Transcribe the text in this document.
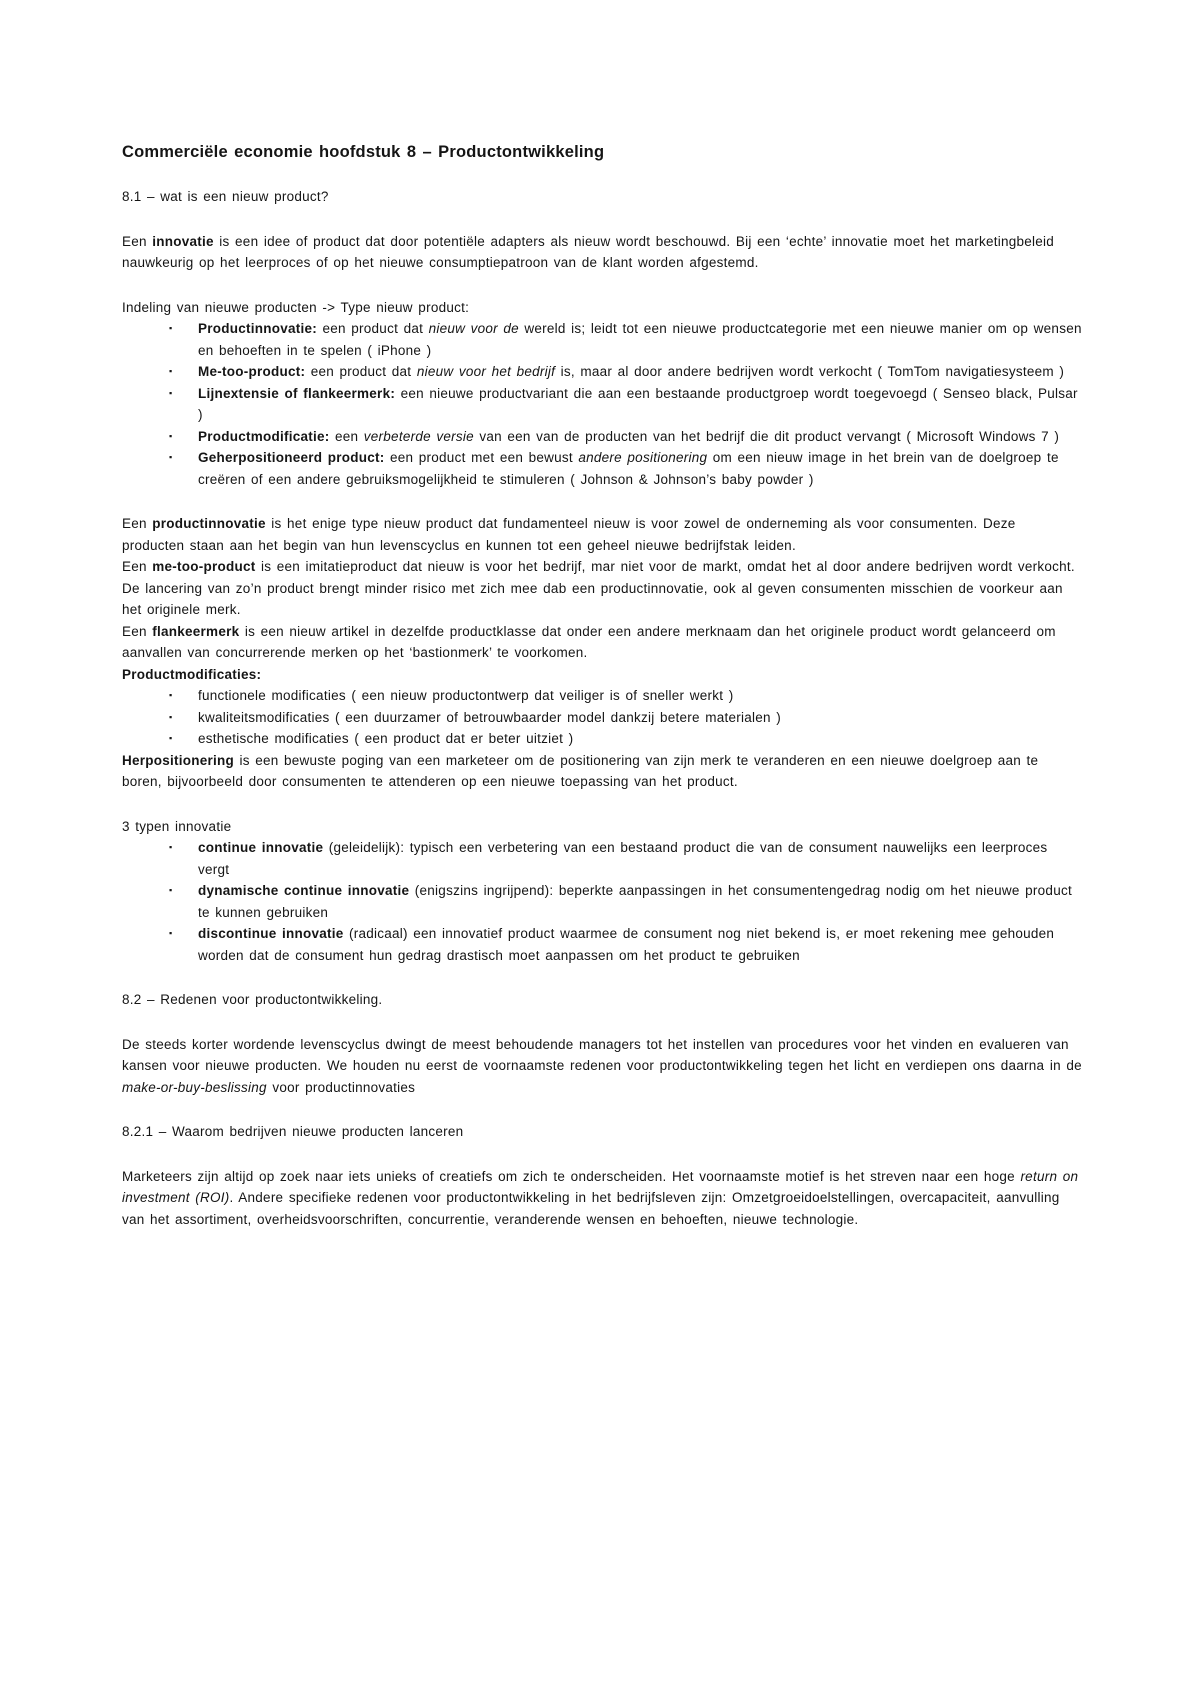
Commerciële economie hoofdstuk 8 – Productontwikkeling
8.1 – wat is een nieuw product?

Een innovatie is een idee of product dat door potentiële adapters als nieuw wordt beschouwd. Bij een ‘echte’ innovatie moet het marketingbeleid nauwkeurig op het leerproces of op het nieuwe consumptiepatroon van de klant worden afgestemd.

Indeling van nieuwe producten -> Type nieuw product:

▪ Productinnovatie: een product dat nieuw voor de wereld is; leidt tot een nieuwe productcategorie met een nieuwe manier om op wensen en behoeften in te spelen ( iPhone )
▪ Me-too-product: een product dat nieuw voor het bedrijf is, maar al door andere bedrijven wordt verkocht ( TomTom navigatiesysteem )
▪ Lijnextensie of flankeermerk: een nieuwe productvariant die aan een bestaande productgroep wordt toegevoegd ( Senseo black, Pulsar )
▪ Productmodificatie: een verbeterde versie van een van de producten van het bedrijf die dit product vervangt ( Microsoft Windows 7 )
▪ Geherpositioneerd product: een product met een bewust andere positionering om een nieuw image in het brein van de doelgroep te creëren of een andere gebruiksmogelijkheid te stimuleren ( Johnson & Johnson’s baby powder )

Een productinnovatie is het enige type nieuw product dat fundamenteel nieuw is voor zowel de onderneming als voor consumenten. Deze producten staan aan het begin van hun levenscyclus en kunnen tot een geheel nieuwe bedrijfstak leiden.

Een me-too-product is een imitatieproduct dat nieuw is voor het bedrijf, mar niet voor de markt, omdat het al door andere bedrijven wordt verkocht. De lancering van zo’n product brengt minder risico met zich mee dab een productinnovatie, ook al geven consumenten misschien de voorkeur aan het originele merk.

Een flankeermerk is een nieuw artikel in dezelfde productklasse dat onder een andere merknaam dan het originele product wordt gelanceerd om aanvallen van concurrerende merken op het ‘bastionmerk’ te voorkomen.

Productmodificaties:

▪ functionele modificaties ( een nieuw productontwerp dat veiliger is of sneller werkt )
▪ kwaliteitsmodificaties ( een duurzamer of betrouwbaarder model dankzij betere materialen )
▪ esthetische modificaties ( een product dat er beter uitziet )

Herpositionering is een bewuste poging van een marketeer om de positionering van zijn merk te veranderen en een nieuwe doelgroep aan te boren, bijvoorbeeld door consumenten te attenderen op een nieuwe toepassing van het product.

3 typen innovatie

▪ continue innovatie (geleidelijk): typisch een verbetering van een bestaand product die van de consument nauwelijks een leerproces vergt
▪ dynamische continue innovatie (enigszins ingrijpend): beperkte aanpassingen in het consumentengedrag nodig om het nieuwe product te kunnen gebruiken
▪ discontinue innovatie (radicaal) een innovatief product waarmee de consument nog niet bekend is, er moet rekening mee gehouden worden dat de consument hun gedrag drastisch moet aanpassen om het product te gebruiken
8.2 – Redenen voor productontwikkeling.

De steeds korter wordende levenscyclus dwingt de meest behoudende managers tot het instellen van procedures voor het vinden en evalueren van kansen voor nieuwe producten. We houden nu eerst de voornaamste redenen voor productontwikkeling tegen het licht en verdiepen ons daarna in de make-or-buy-beslissing voor productinnovaties

8.2.1 – Waarom bedrijven nieuwe producten lanceren

Marketeers zijn altijd op zoek naar iets unieks of creatiefs om zich te onderscheiden. Het voornaamste motief is het streven naar een hoge return on investment (ROI). Andere specifieke redenen voor productontwikkeling in het bedrijfsleven zijn: Omzetgroeidoelstellingen, overcapaciteit, aanvulling van het assortiment, overheidsvoorschriften, concurrentie, veranderende wensen en behoeften, nieuwe technologie.
